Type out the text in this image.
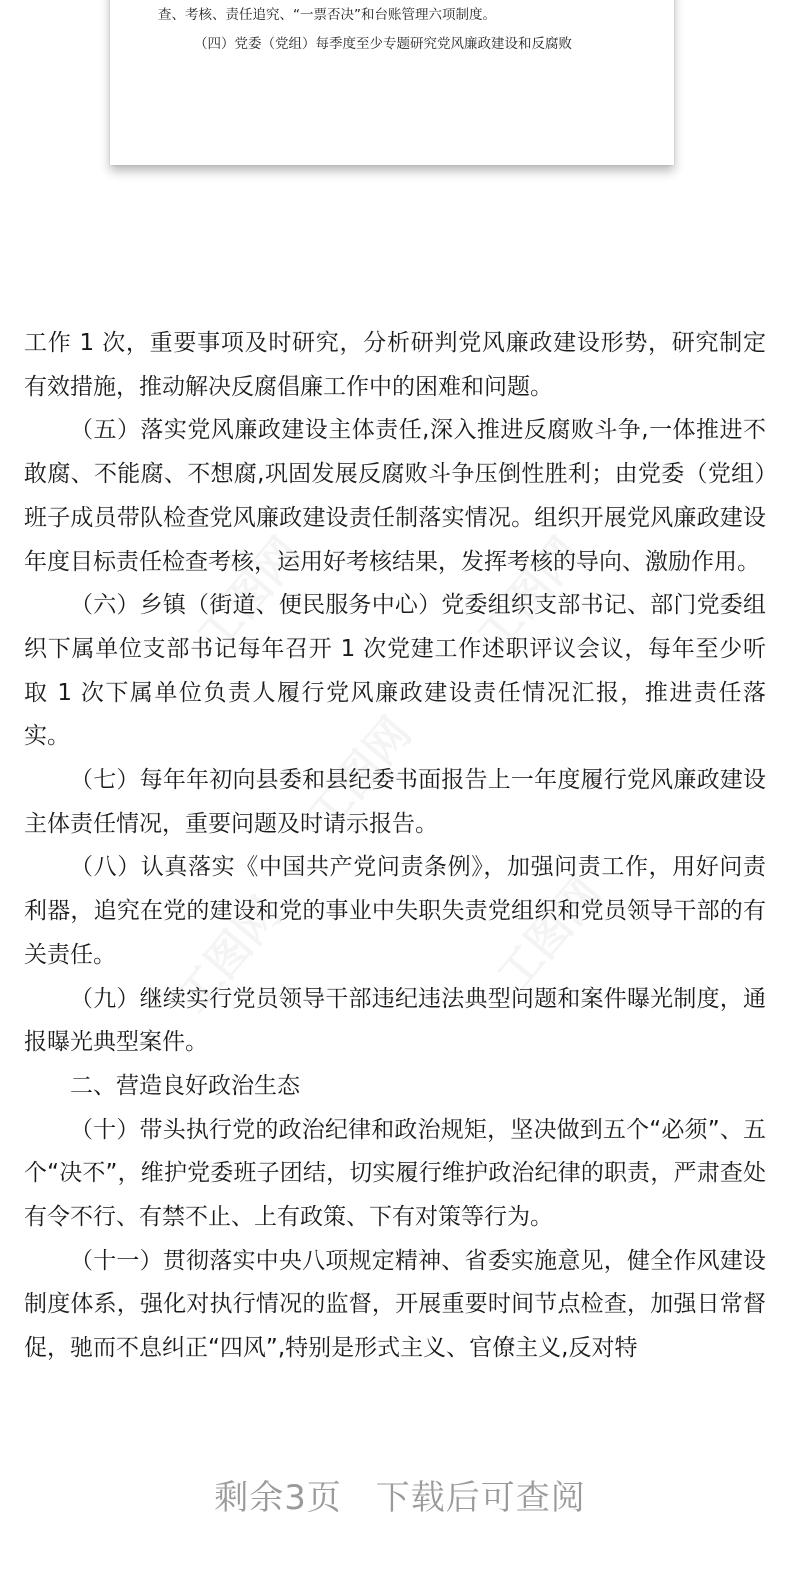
查、考核、责任追究、“一票否决”和台账管理六项制度。
（四）党委（党组）每季度至少专题研究党风廉政建设和反腐败

工作 1 次，重要事项及时研究，分析研判党风廉政建设形势，研究制定有效措施，推动解决反腐倡廉工作中的困难和问题。

（五）落实党风廉政建设主体责任,深入推进反腐败斗争,一体推进不敢腐、不能腐、不想腐,巩固发展反腐败斗争压倒性胜利；由党委（党组）班子成员带队检查党风廉政建设责任制落实情况。组织开展党风廉政建设年度目标责任检查考核，运用好考核结果，发挥考核的导向、激励作用。

（六）乡镇（街道、便民服务中心）党委组织支部书记、部门党委组织下属单位支部书记每年召开 1 次党建工作述职评议会议，每年至少听取 1 次下属单位负责人履行党风廉政建设责任情况汇报，推进责任落实。

（七）每年年初向县委和县纪委书面报告上一年度履行党风廉政建设主体责任情况，重要问题及时请示报告。

（八）认真落实《中国共产党问责条例》，加强问责工作，用好问责利器，追究在党的建设和党的事业中失职失责党组织和党员领导干部的有关责任。

（九）继续实行党员领导干部违纪违法典型问题和案件曝光制度，通报曝光典型案件。

二、营造良好政治生态

（十）带头执行党的政治纪律和政治规矩，坚决做到五个“必须”、五个“决不”，维护党委班子团结，切实履行维护政治纪律的职责，严肃查处有令不行、有禁不止、上有政策、下有对策等行为。

（十一）贯彻落实中央八项规定精神、省委实施意见，健全作风建设制度体系，强化对执行情况的监督，开展重要时间节点检查，加强日常督促，驰而不息纠正“四风”,特别是形式主义、官僚主义,反对特

剩余3页 下载后可查阅
